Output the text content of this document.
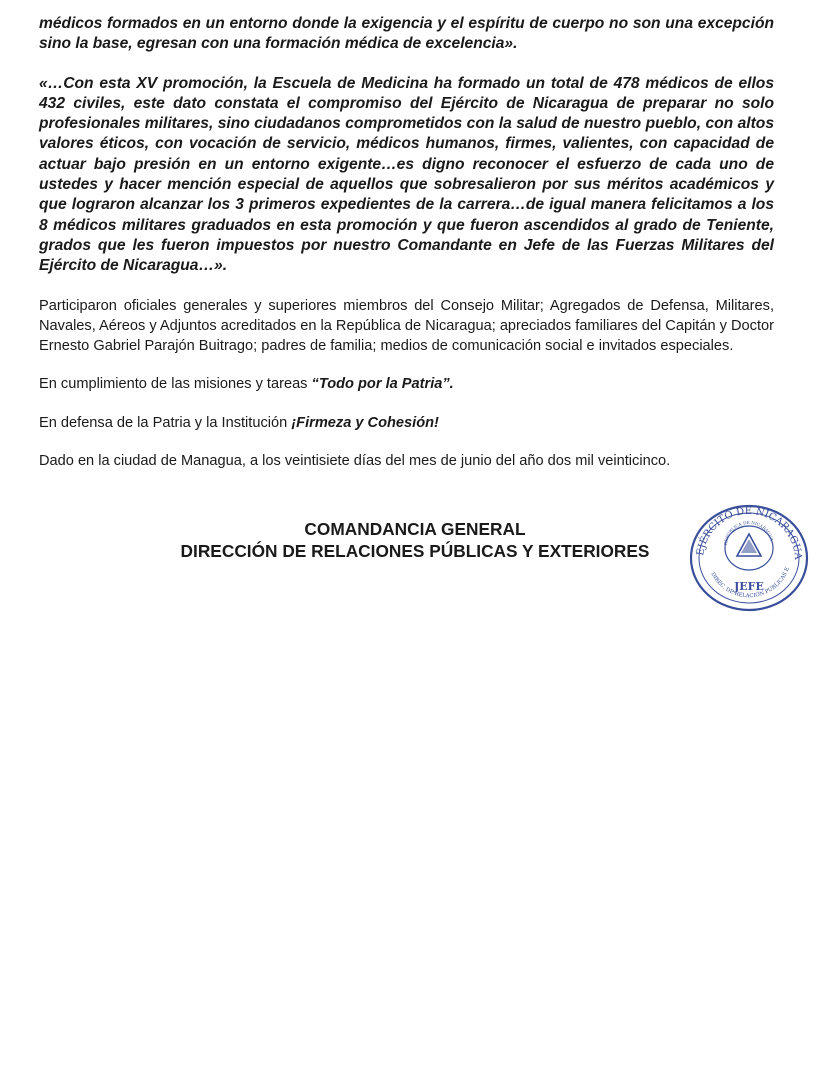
médicos formados en un entorno donde la exigencia y el espíritu de cuerpo no son una excepción sino la base, egresan con una formación médica de excelencia».

«…Con esta XV promoción, la Escuela de Medicina ha formado un total de 478 médicos de ellos 432 civiles, este dato constata el compromiso del Ejército de Nicaragua de preparar no solo profesionales militares, sino ciudadanos comprometidos con la salud de nuestro pueblo, con altos valores éticos, con vocación de servicio, médicos humanos, firmes, valientes, con capacidad de actuar bajo presión en un entorno exigente…es digno reconocer el esfuerzo de cada uno de ustedes y hacer mención especial de aquellos que sobresalieron por sus méritos académicos y que lograron alcanzar los 3 primeros expedientes de la carrera…de igual manera felicitamos a los 8 médicos militares graduados en esta promoción y que fueron ascendidos al grado de Teniente, grados que les fueron impuestos por nuestro Comandante en Jefe de las Fuerzas Militares del Ejército de Nicaragua…».

Participaron oficiales generales y superiores miembros del Consejo Militar; Agregados de Defensa, Militares, Navales, Aéreos y Adjuntos acreditados en la República de Nicaragua; apreciados familiares del Capitán y Doctor Ernesto Gabriel Parajón Buitrago; padres de familia; medios de comunicación social e invitados especiales.

En cumplimiento de las misiones y tareas “Todo por la Patria”.

En defensa de la Patria y la Institución ¡Firmeza y Cohesión!

Dado en la ciudad de Managua, a los veintisiete días del mes de junio del año dos mil veinticinco.

COMANDANCIA GENERAL
DIRECCIÓN DE RELACIONES PÚBLICAS Y EXTERIORES	EJÉRCITO DE NICARAGUA
REPÚBLICA DE NICARAGUA
DIREC. DE RELACIÓN PÚBLICAS E
JEFE
